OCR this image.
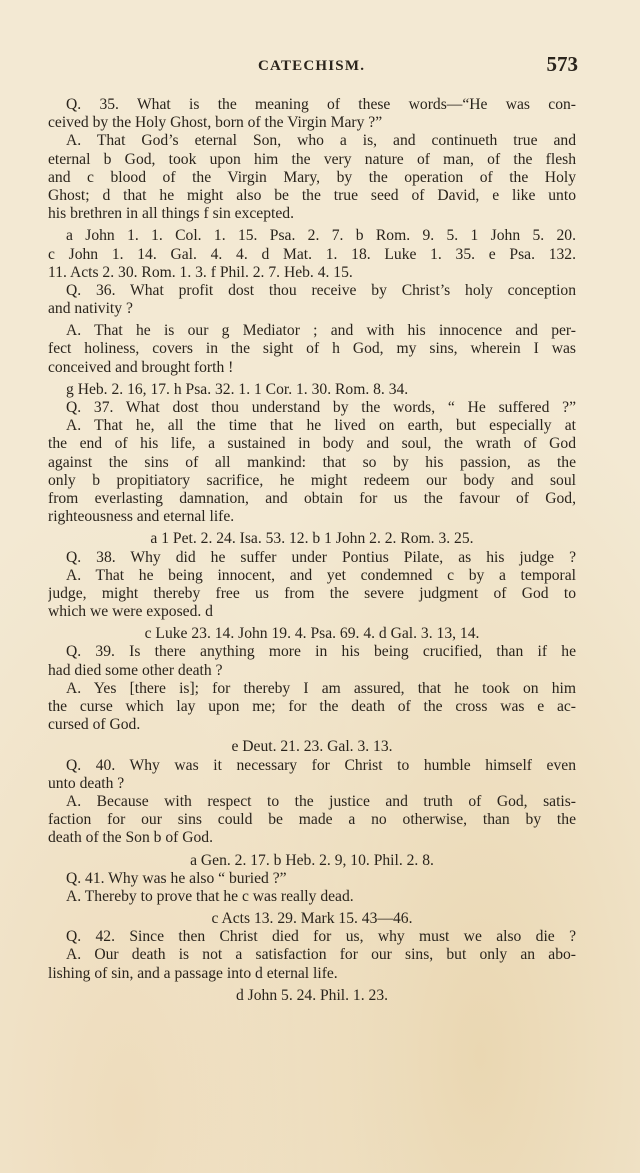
CATECHISM.	573
Q. 35. What is the meaning of these words—“He was con-
ceived by the Holy Ghost, born of the Virgin Mary ?”
A. That God’s eternal Son, who a is, and continueth true and
eternal b God, took upon him the very nature of man, of the flesh
and c blood of the Virgin Mary, by the operation of the Holy
Ghost; d that he might also be the true seed of David, e like unto
his brethren in all things f sin excepted.
a John 1. 1. Col. 1. 15. Psa. 2. 7. b Rom. 9. 5. 1 John 5. 20.
c John 1. 14. Gal. 4. 4. d Mat. 1. 18. Luke 1. 35. e Psa. 132.
11. Acts 2. 30. Rom. 1. 3. f Phil. 2. 7. Heb. 4. 15.
Q. 36. What profit dost thou receive by Christ’s holy conception
and nativity ?
A. That he is our g Mediator ; and with his innocence and per-
fect holiness, covers in the sight of h God, my sins, wherein I was
conceived and brought forth !
g Heb. 2. 16, 17. h Psa. 32. 1. 1 Cor. 1. 30. Rom. 8. 34.
Q. 37. What dost thou understand by the words, “ He suffered ?”
A. That he, all the time that he lived on earth, but especially at
the end of his life, a sustained in body and soul, the wrath of God
against the sins of all mankind: that so by his passion, as the
only b propitiatory sacrifice, he might redeem our body and soul
from everlasting damnation, and obtain for us the favour of God,
righteousness and eternal life.
a 1 Pet. 2. 24. Isa. 53. 12. b 1 John 2. 2. Rom. 3. 25.
Q. 38. Why did he suffer under Pontius Pilate, as his judge ?
A. That he being innocent, and yet condemned c by a temporal
judge, might thereby free us from the severe judgment of God to
which we were exposed. d
c Luke 23. 14. John 19. 4. Psa. 69. 4. d Gal. 3. 13, 14.
Q. 39. Is there anything more in his being crucified, than if he
had died some other death ?
A. Yes [there is]; for thereby I am assured, that he took on him
the curse which lay upon me; for the death of the cross was e ac-
cursed of God.
e Deut. 21. 23. Gal. 3. 13.
Q. 40. Why was it necessary for Christ to humble himself even
unto death ?
A. Because with respect to the justice and truth of God, satis-
faction for our sins could be made a no otherwise, than by the
death of the Son b of God.
a Gen. 2. 17. b Heb. 2. 9, 10. Phil. 2. 8.
Q. 41. Why was he also “ buried ?”
A. Thereby to prove that he c was really dead.
c Acts 13. 29. Mark 15. 43—46.
Q. 42. Since then Christ died for us, why must we also die ?
A. Our death is not a satisfaction for our sins, but only an abo-
lishing of sin, and a passage into d eternal life.
d John 5. 24. Phil. 1. 23.
